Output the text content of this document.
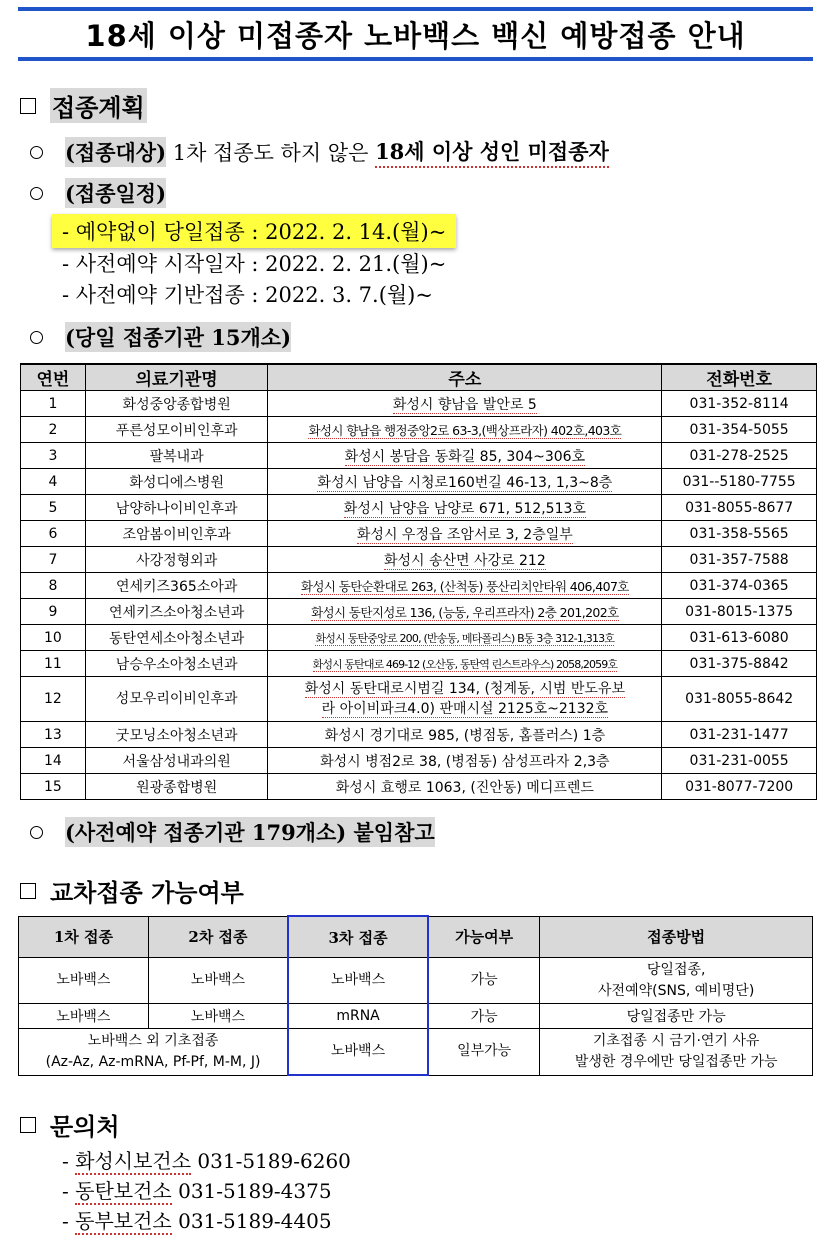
18세 이상 미접종자 노바백스 백신 예방접종 안내
접종계획
(접종대상) 1차 접종도 하지 않은 18세 이상 성인 미접종자
(접종일정)
- 예약없이 당일접종 : 2022. 2. 14.(월)~
- 사전예약 시작일자 : 2022. 2. 21.(월)~
- 사전예약 기반접종 : 2022. 3. 7.(월)~
(당일 접종기관 15개소)
연번	의료기관명	주소	전화번호
1	화성중앙종합병원	화성시 향남읍 발안로 5	031-352-8114
2	푸른성모이비인후과	화성시 향남읍 행정중앙2로 63-3,(백상프라자) 402호,403호	031-354-5055
3	팔복내과	화성시 봉담읍 동화길 85, 304~306호	031-278-2525
4	화성디에스병원	화성시 남양읍 시청로160번길 46-13, 1,3~8층	031--5180-7755
5	남양하나이비인후과	화성시 남양읍 남양로 671, 512,513호	031-8055-8677
6	조암봄이비인후과	화성시 우정읍 조암서로 3, 2층일부	031-358-5565
7	사강정형외과	화성시 송산면 사강로 212	031-357-7588
8	연세키즈365소아과	화성시 동탄순환대로 263, (산척동) 풍산리치안타워 406,407호	031-374-0365
9	연세키즈소아청소년과	화성시 동탄지성로 136, (능동, 우리프라자) 2층 201,202호	031-8015-1375
10	동탄연세소아청소년과	화성시 동탄중앙로 200, (반송동, 메타폴리스) B동 3층 312-1,313호	031-613-6080
11	남승우소아청소년과	화성시 동탄대로 469-12 (오산동, 동탄역 린스트라우스) 2058,2059호	031-375-8842
12	성모우리이비인후과	화성시 동탄대로시범길 134, (청계동, 시범 반도유보
라 아이비파크4.0) 판매시설 2125호~2132호	031-8055-8642
13	굿모닝소아청소년과	화성시 경기대로 985, (병점동, 홈플러스) 1층	031-231-1477
14	서울삼성내과의원	화성시 병점2로 38, (병점동) 삼성프라자 2,3층	031-231-0055
15	원광종합병원	화성시 효행로 1063, (진안동) 메디프렌드	031-8077-7200
(사전예약 접종기관 179개소) 붙임참고
교차접종 가능여부
1차 접종	2차 접종	3차 접종	가능여부	접종방법
노바백스	노바백스	노바백스	가능	당일접종,
사전예약(SNS, 예비명단)
노바백스	노바백스	mRNA	가능	당일접종만 가능
노바백스 외 기초접종
(Az-Az, Az-mRNA, Pf-Pf, M-M, J)		노바백스	일부가능	기초접종 시 금기·연기 사유
발생한 경우에만 당일접종만 가능
문의처
- 화성시보건소 031-5189-6260
- 동탄보건소 031-5189-4375
- 동부보건소 031-5189-4405
